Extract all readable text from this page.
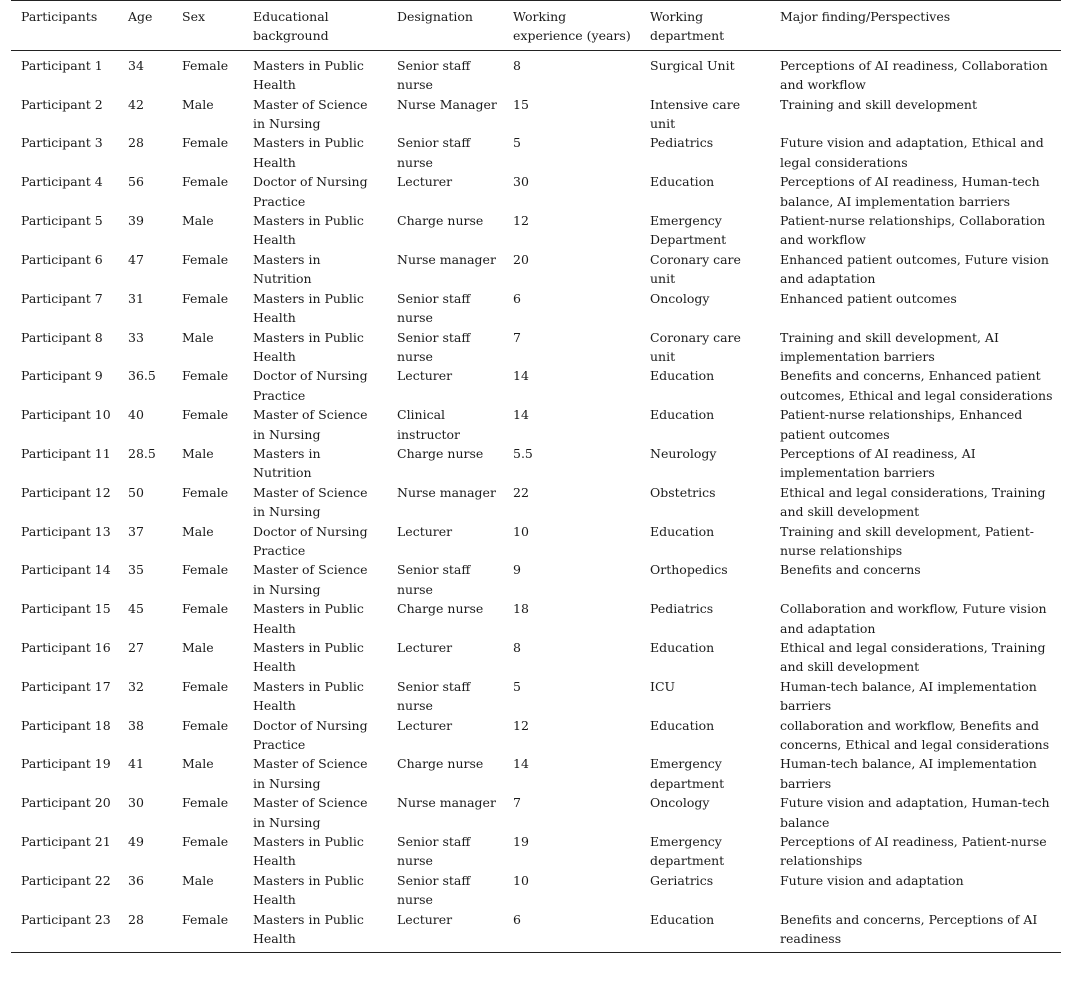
Participants	Age	Sex	Educational background	Designation	Working experience (years)	Working department	Major finding/Perspectives
Participant 1	34	Female	Masters in Public Health	Senior staff nurse	8	Surgical Unit	Perceptions of AI readiness, Collaboration and workflow
Participant 2	42	Male	Master of Science in Nursing	Nurse Manager	15	Intensive care unit	Training and skill development
Participant 3	28	Female	Masters in Public Health	Senior staff nurse	5	Pediatrics	Future vision and adaptation, Ethical and legal considerations
Participant 4	56	Female	Doctor of Nursing Practice	Lecturer	30	Education	Perceptions of AI readiness, Human-tech balance, AI implementation barriers
Participant 5	39	Male	Masters in Public Health	Charge nurse	12	Emergency Department	Patient-nurse relationships, Collaboration and workflow
Participant 6	47	Female	Masters in Nutrition	Nurse manager	20	Coronary care unit	Enhanced patient outcomes, Future vision and adaptation
Participant 7	31	Female	Masters in Public Health	Senior staff nurse	6	Oncology	Enhanced patient outcomes
Participant 8	33	Male	Masters in Public Health	Senior staff nurse	7	Coronary care unit	Training and skill development, AI implementation barriers
Participant 9	36.5	Female	Doctor of Nursing Practice	Lecturer	14	Education	Benefits and concerns, Enhanced patient outcomes, Ethical and legal considerations
Participant 10	40	Female	Master of Science in Nursing	Clinical instructor	14	Education	Patient-nurse relationships, Enhanced patient outcomes
Participant 11	28.5	Male	Masters in Nutrition	Charge nurse	5.5	Neurology	Perceptions of AI readiness, AI implementation barriers
Participant 12	50	Female	Master of Science in Nursing	Nurse manager	22	Obstetrics	Ethical and legal considerations, Training and skill development
Participant 13	37	Male	Doctor of Nursing Practice	Lecturer	10	Education	Training and skill development, Patient-nurse relationships
Participant 14	35	Female	Master of Science in Nursing	Senior staff nurse	9	Orthopedics	Benefits and concerns
Participant 15	45	Female	Masters in Public Health	Charge nurse	18	Pediatrics	Collaboration and workflow, Future vision and adaptation
Participant 16	27	Male	Masters in Public Health	Lecturer	8	Education	Ethical and legal considerations, Training and skill development
Participant 17	32	Female	Masters in Public Health	Senior staff nurse	5	ICU	Human-tech balance, AI implementation barriers
Participant 18	38	Female	Doctor of Nursing Practice	Lecturer	12	Education	collaboration and workflow, Benefits and concerns, Ethical and legal considerations
Participant 19	41	Male	Master of Science in Nursing	Charge nurse	14	Emergency department	Human-tech balance, AI implementation barriers
Participant 20	30	Female	Master of Science in Nursing	Nurse manager	7	Oncology	Future vision and adaptation, Human-tech balance
Participant 21	49	Female	Masters in Public Health	Senior staff nurse	19	Emergency department	Perceptions of AI readiness, Patient-nurse relationships
Participant 22	36	Male	Masters in Public Health	Senior staff nurse	10	Geriatrics	Future vision and adaptation
Participant 23	28	Female	Masters in Public Health	Lecturer	6	Education	Benefits and concerns, Perceptions of AI readiness
